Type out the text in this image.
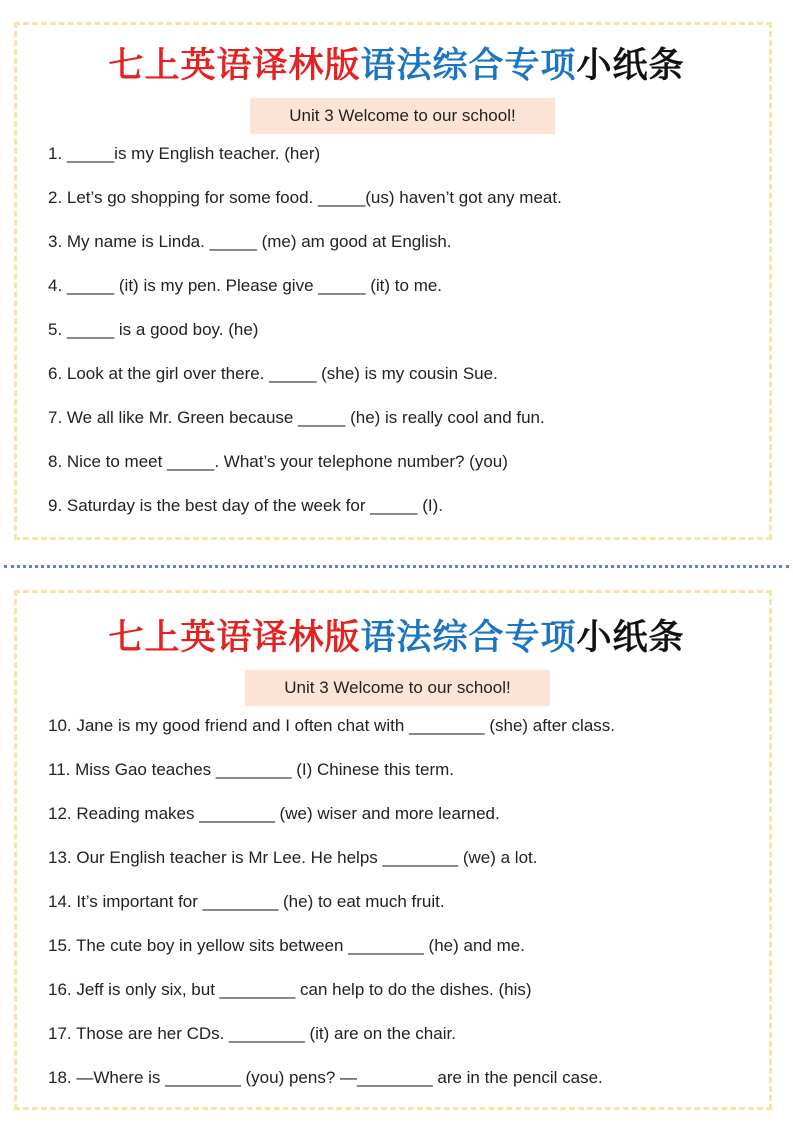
七上英语译林版语法综合专项小纸条
Unit 3 Welcome to our school!
1. _____is my English teacher. (her)
2. Let’s go shopping for some food. _____(us) haven’t got any meat.
3. My name is Linda. _____ (me) am good at English.
4. _____ (it) is my pen. Please give _____ (it) to me.
5. _____ is a good boy. (he)
6. Look at the girl over there. _____ (she) is my cousin Sue.
7. We all like Mr. Green because _____ (he) is really cool and fun.
8. Nice to meet _____. What’s your telephone number? (you)
9. Saturday is the best day of the week for _____ (I).
七上英语译林版语法综合专项小纸条
Unit 3 Welcome to our school!
10. Jane is my good friend and I often chat with ________ (she) after class.
11. Miss Gao teaches ________ (I) Chinese this term.
12. Reading makes ________ (we) wiser and more learned.
13. Our English teacher is Mr Lee. He helps ________ (we) a lot.
14. It’s important for ________ (he) to eat much fruit.
15. The cute boy in yellow sits between ________ (he) and me.
16. Jeff is only six, but ________ can help to do the dishes. (his)
17. Those are her CDs. ________ (it) are on the chair.
18. —Where is ________ (you) pens? —________ are in the pencil case.
